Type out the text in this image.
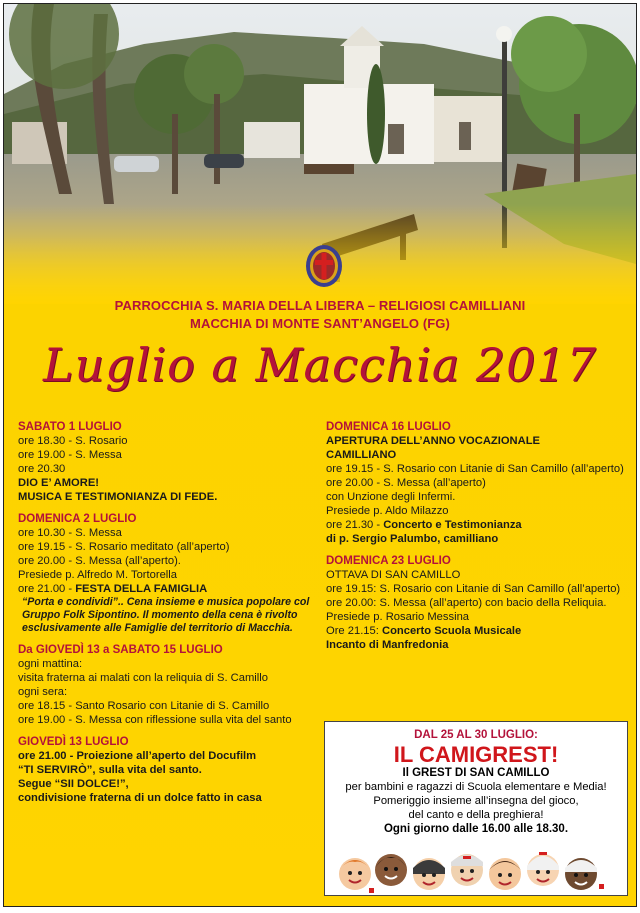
PARROCCHIA S. MARIA DELLA LIBERA – RELIGIOSI CAMILLIANI
MACCHIA DI MONTE SANT’ANGELO (FG)
Luglio a Macchia 2017
SABATO 1 LUGLIO
ore 18.30 - S. Rosario
ore 19.00 - S. Messa
ore 20.30
DIO E’ AMORE!
MUSICA E TESTIMONIANZA DI FEDE.
DOMENICA 2 LUGLIO
ore 10.30 - S. Messa
ore 19.15 - S. Rosario meditato (all’aperto)
ore 20.00 - S. Messa (all’aperto).
Presiede p. Alfredo M. Tortorella
ore 21.00 - FESTA DELLA FAMIGLIA
“Porta e condividi”.. Cena insieme e musica popolare col Gruppo Folk Sipontino. Il momento della cena è rivolto esclusivamente alle Famiglie del territorio di Macchia.
Da GIOVEDÌ 13 a SABATO 15 LUGLIO
ogni mattina:
visita fraterna ai malati con la reliquia di S. Camillo
ogni sera:
ore 18.15 - Santo Rosario con Litanie di S. Camillo
ore 19.00 - S. Messa con riflessione sulla vita del santo
GIOVEDÌ 13 LUGLIO
ore 21.00 - Proiezione all’aperto del Docufilm
“TI SERVIRÒ”, sulla vita del santo.
Segue “SII DOLCE!”,
condivisione fraterna di un dolce fatto in casa
DOMENICA 16 LUGLIO
APERTURA DELL’ANNO VOCAZIONALE
CAMILLIANO
ore 19.15 - S. Rosario con Litanie di San Camillo (all’aperto)
ore 20.00 - S. Messa (all’aperto)
con Unzione degli Infermi.
Presiede p. Aldo Milazzo
ore 21.30 - Concerto e Testimonianza
di p. Sergio Palumbo, camilliano
DOMENICA 23 LUGLIO
OTTAVA DI SAN CAMILLO
ore 19.15: S. Rosario con Litanie di San Camillo (all’aperto)
ore 20.00: S. Messa (all’aperto) con bacio della Reliquia.
Presiede p. Rosario Messina
Ore 21.15: Concerto Scuola Musicale
Incanto di Manfredonia
DAL 25 AL 30 LUGLIO:
IL CAMIGREST!
Il GREST DI SAN CAMILLO
per bambini e ragazzi di Scuola elementare e Media!
Pomeriggio insieme all’insegna del gioco,
del canto e della preghiera!
Ogni giorno dalle 16.00 alle 18.30.
